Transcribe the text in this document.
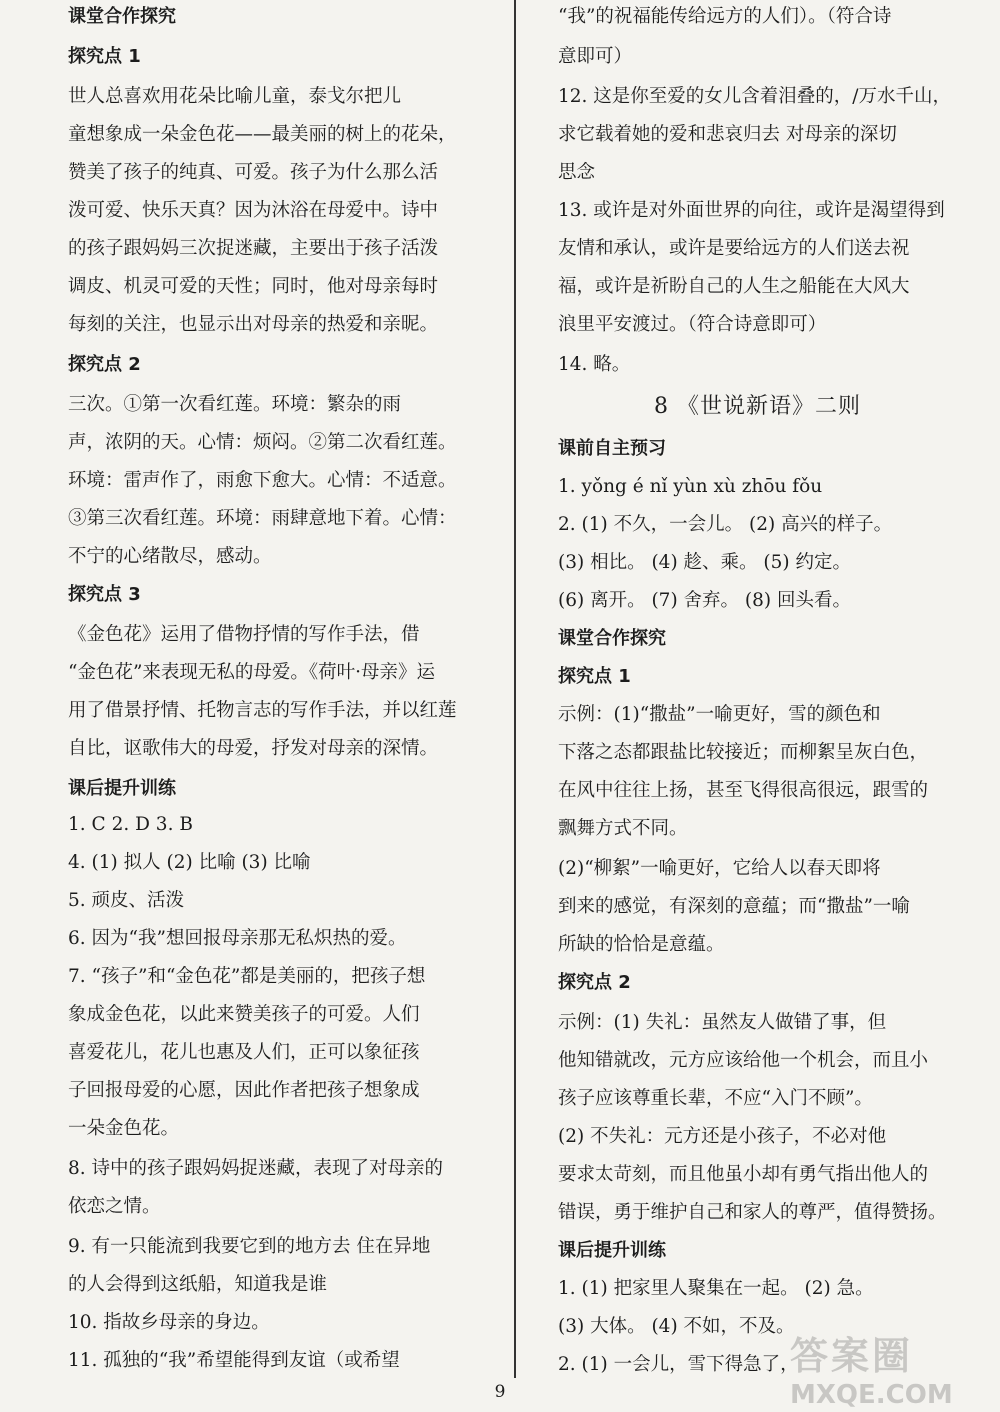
课堂合作探究
探究点 1
世人总喜欢用花朵比喻儿童，泰戈尔把儿
童想象成一朵金色花——最美丽的树上的花朵，
赞美了孩子的纯真、可爱。孩子为什么那么活
泼可爱、快乐天真？因为沐浴在母爱中。诗中
的孩子跟妈妈三次捉迷藏，主要出于孩子活泼
调皮、机灵可爱的天性；同时，他对母亲每时
每刻的关注，也显示出对母亲的热爱和亲昵。
探究点 2
三次。①第一次看红莲。环境：繁杂的雨
声，浓阴的天。心情：烦闷。②第二次看红莲。
环境：雷声作了，雨愈下愈大。心情：不适意。
③第三次看红莲。环境：雨肆意地下着。心情：
不宁的心绪散尽，感动。
探究点 3
《金色花》运用了借物抒情的写作手法，借
“金色花”来表现无私的母爱。《荷叶·母亲》运
用了借景抒情、托物言志的写作手法，并以红莲
自比，讴歌伟大的母爱，抒发对母亲的深情。
课后提升训练
1. C 2. D 3. B
4. (1) 拟人 (2) 比喻 (3) 比喻
5. 顽皮、活泼
6. 因为“我”想回报母亲那无私炽热的爱。
7. “孩子”和“金色花”都是美丽的，把孩子想
象成金色花，以此来赞美孩子的可爱。人们
喜爱花儿，花儿也惠及人们，正可以象征孩
子回报母爱的心愿，因此作者把孩子想象成
一朵金色花。
8. 诗中的孩子跟妈妈捉迷藏，表现了对母亲的
依恋之情。
9. 有一只能流到我要它到的地方去 住在异地
的人会得到这纸船，知道我是谁
10. 指故乡母亲的身边。
11. 孤独的“我”希望能得到友谊（或希望
“我”的祝福能传给远方的人们）。（符合诗
意即可）
12. 这是你至爱的女儿含着泪叠的，/万水千山，
求它载着她的爱和悲哀归去 对母亲的深切
思念
13. 或许是对外面世界的向往，或许是渴望得到
友情和承认，或许是要给远方的人们送去祝
福，或许是祈盼自己的人生之船能在大风大
浪里平安渡过。（符合诗意即可）
14. 略。
8 《世说新语》二则
课前自主预习
1. yǒng é nǐ yùn xù zhōu fǒu
2. (1) 不久，一会儿。 (2) 高兴的样子。
(3) 相比。 (4) 趁、乘。 (5) 约定。
(6) 离开。 (7) 舍弃。 (8) 回头看。
课堂合作探究
探究点 1
示例：(1)“撒盐”一喻更好，雪的颜色和
下落之态都跟盐比较接近；而柳絮呈灰白色，
在风中往往上扬，甚至飞得很高很远，跟雪的
飘舞方式不同。
(2)“柳絮”一喻更好，它给人以春天即将
到来的感觉，有深刻的意蕴；而“撒盐”一喻
所缺的恰恰是意蕴。
探究点 2
示例：(1) 失礼：虽然友人做错了事，但
他知错就改，元方应该给他一个机会，而且小
孩子应该尊重长辈，不应“入门不顾”。
(2) 不失礼：元方还是小孩子，不必对他
要求太苛刻，而且他虽小却有勇气指出他人的
错误，勇于维护自己和家人的尊严，值得赞扬。
课后提升训练
1. (1) 把家里人聚集在一起。 (2) 急。
(3) 大体。 (4) 不如，不及。
2. (1) 一会儿，雪下得急了，
9
答案圈
MXQE.COM
